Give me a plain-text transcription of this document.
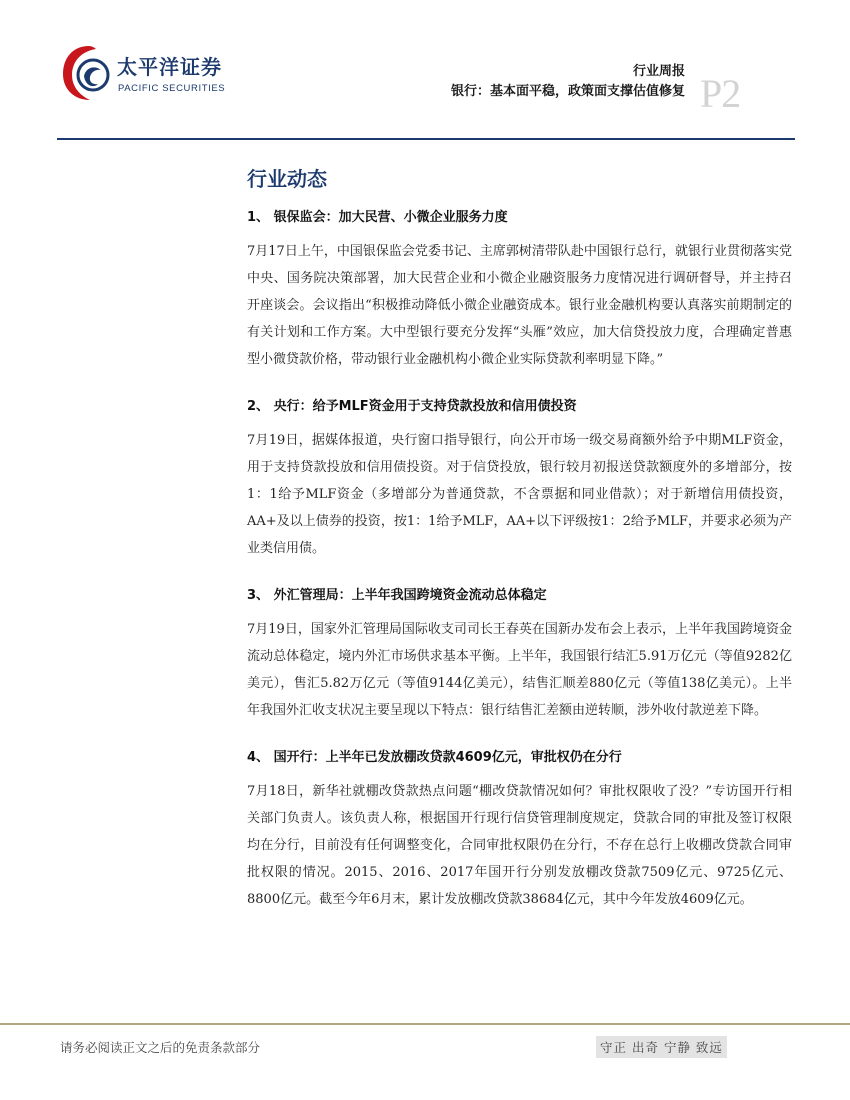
太平洋证券
PACIFIC SECURITIES
行业周报
银行：基本面平稳，政策面支撑估值修复 P2
行业动态
1、 银保监会：加大民营、小微企业服务力度
7月17日上午，中国银保监会党委书记、主席郭树清带队赴中国银行总行，就银行业贯彻落实党中央、国务院决策部署，加大民营企业和小微企业融资服务力度情况进行调研督导，并主持召开座谈会。会议指出“积极推动降低小微企业融资成本。银行业金融机构要认真落实前期制定的有关计划和工作方案。大中型银行要充分发挥“头雁”效应，加大信贷投放力度，合理确定普惠型小微贷款价格，带动银行业金融机构小微企业实际贷款利率明显下降。”
2、 央行：给予MLF资金用于支持贷款投放和信用债投资
7月19日，据媒体报道，央行窗口指导银行，向公开市场一级交易商额外给予中期MLF资金，用于支持贷款投放和信用债投资。对于信贷投放，银行较月初报送贷款额度外的多增部分，按1：1给予MLF资金（多增部分为普通贷款，不含票据和同业借款）；对于新增信用债投资，AA+及以上债券的投资，按1：1给予MLF，AA+以下评级按1：2给予MLF，并要求必须为产业类信用债。
3、 外汇管理局：上半年我国跨境资金流动总体稳定
7月19日，国家外汇管理局国际收支司司长王春英在国新办发布会上表示，上半年我国跨境资金流动总体稳定，境内外汇市场供求基本平衡。上半年，我国银行结汇5.91万亿元（等值9282亿美元），售汇5.82万亿元（等值9144亿美元），结售汇顺差880亿元（等值138亿美元）。上半年我国外汇收支状况主要呈现以下特点：银行结售汇差额由逆转顺，涉外收付款逆差下降。
4、 国开行：上半年已发放棚改贷款4609亿元，审批权仍在分行
7月18日，新华社就棚改贷款热点问题“棚改贷款情况如何？审批权限收了没？”专访国开行相关部门负责人。该负责人称，根据国开行现行信贷管理制度规定，贷款合同的审批及签订权限均在分行，目前没有任何调整变化，合同审批权限仍在分行，不存在总行上收棚改贷款合同审批权限的情况。2015、2016、2017年国开行分别发放棚改贷款7509亿元、9725亿元、8800亿元。截至今年6月末，累计发放棚改贷款38684亿元，其中今年发放4609亿元。
请务必阅读正文之后的免责条款部分	守正 出奇 宁静 致远
